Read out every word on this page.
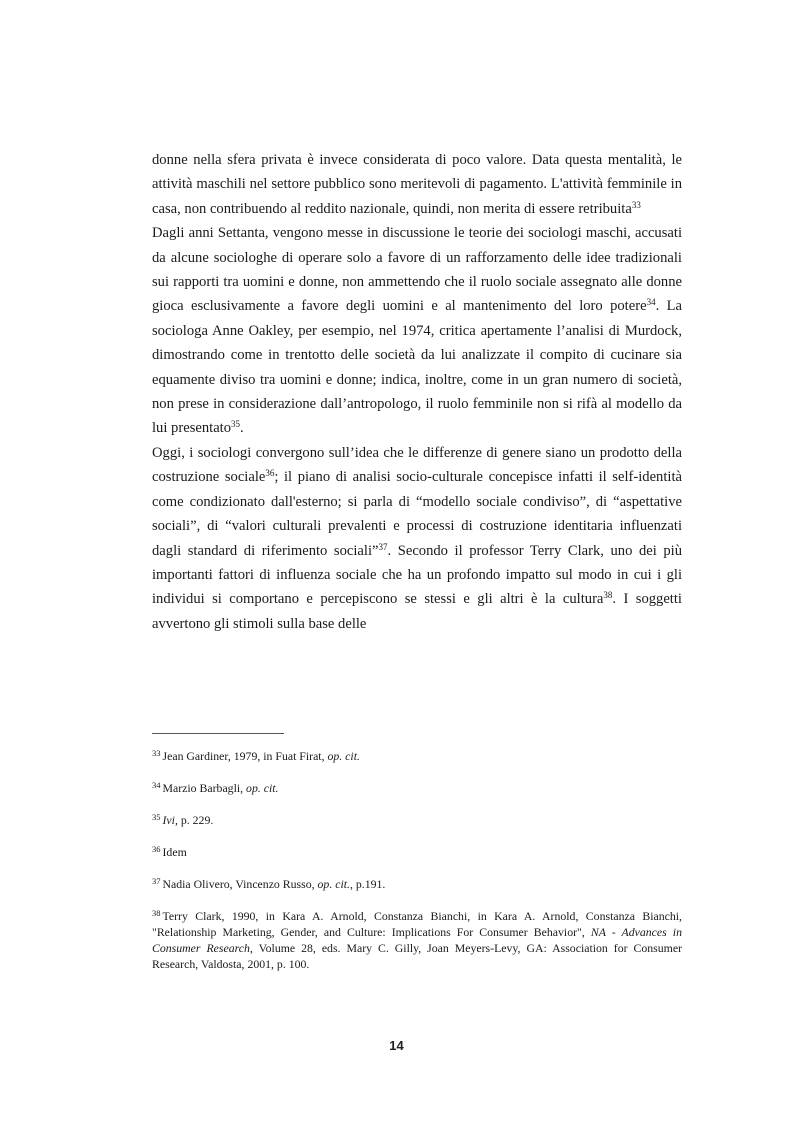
donne nella sfera privata è invece considerata di poco valore. Data questa mentalità, le attività maschili nel settore pubblico sono meritevoli di pagamento. L'attività femminile in casa, non contribuendo al reddito nazionale, quindi, non merita di essere retribuita$^{33}$

Dagli anni Settanta, vengono messe in discussione le teorie dei sociologi maschi, accusati da alcune sociologhe di operare solo a favore di un rafforzamento delle idee tradizionali sui rapporti tra uomini e donne, non ammettendo che il ruolo sociale assegnato alle donne gioca esclusivamente a favore degli uomini e al mantenimento del loro potere$^{34}$. La sociologa Anne Oakley, per esempio, nel 1974, critica apertamente l’analisi di Murdock, dimostrando come in trentotto delle società da lui analizzate il compito di cucinare sia equamente diviso tra uomini e donne; indica, inoltre, come in un gran numero di società, non prese in considerazione dall’antropologo, il ruolo femminile non si rifà al modello da lui presentato$^{35}$.

Oggi, i sociologi convergono sull’idea che le differenze di genere siano un prodotto della costruzione sociale$^{36}$; il piano di analisi socio-culturale concepisce infatti il self-identità come condizionato dall'esterno; si parla di “modello sociale condiviso”, di “aspettative sociali”, di “valori culturali prevalenti e processi di costruzione identitaria influenzati dagli standard di riferimento sociali”$^{37}$. Secondo il professor Terry Clark, uno dei più importanti fattori di influenza sociale che ha un profondo impatto sul modo in cui i gli individui si comportano e percepiscono se stessi e gli altri è la cultura$^{38}$. I soggetti avvertono gli stimoli sulla base delle

$^{33}$ Jean Gardiner, 1979, in Fuat Firat, op. cit.

$^{34}$ Marzio Barbagli, op. cit.

$^{35}$ Ivi, p. 229.

$^{36}$ Idem

$^{37}$ Nadia Olivero, Vincenzo Russo, op. cit., p.191.

$^{38}$ Terry Clark, 1990, in Kara A. Arnold, Constanza Bianchi, in Kara A. Arnold, Constanza Bianchi, "Relationship Marketing, Gender, and Culture: Implications For Consumer Behavior", NA - Advances in Consumer Research, Volume 28, eds. Mary C. Gilly, Joan Meyers-Levy, GA: Association for Consumer Research, Valdosta, 2001, p. 100.

14
